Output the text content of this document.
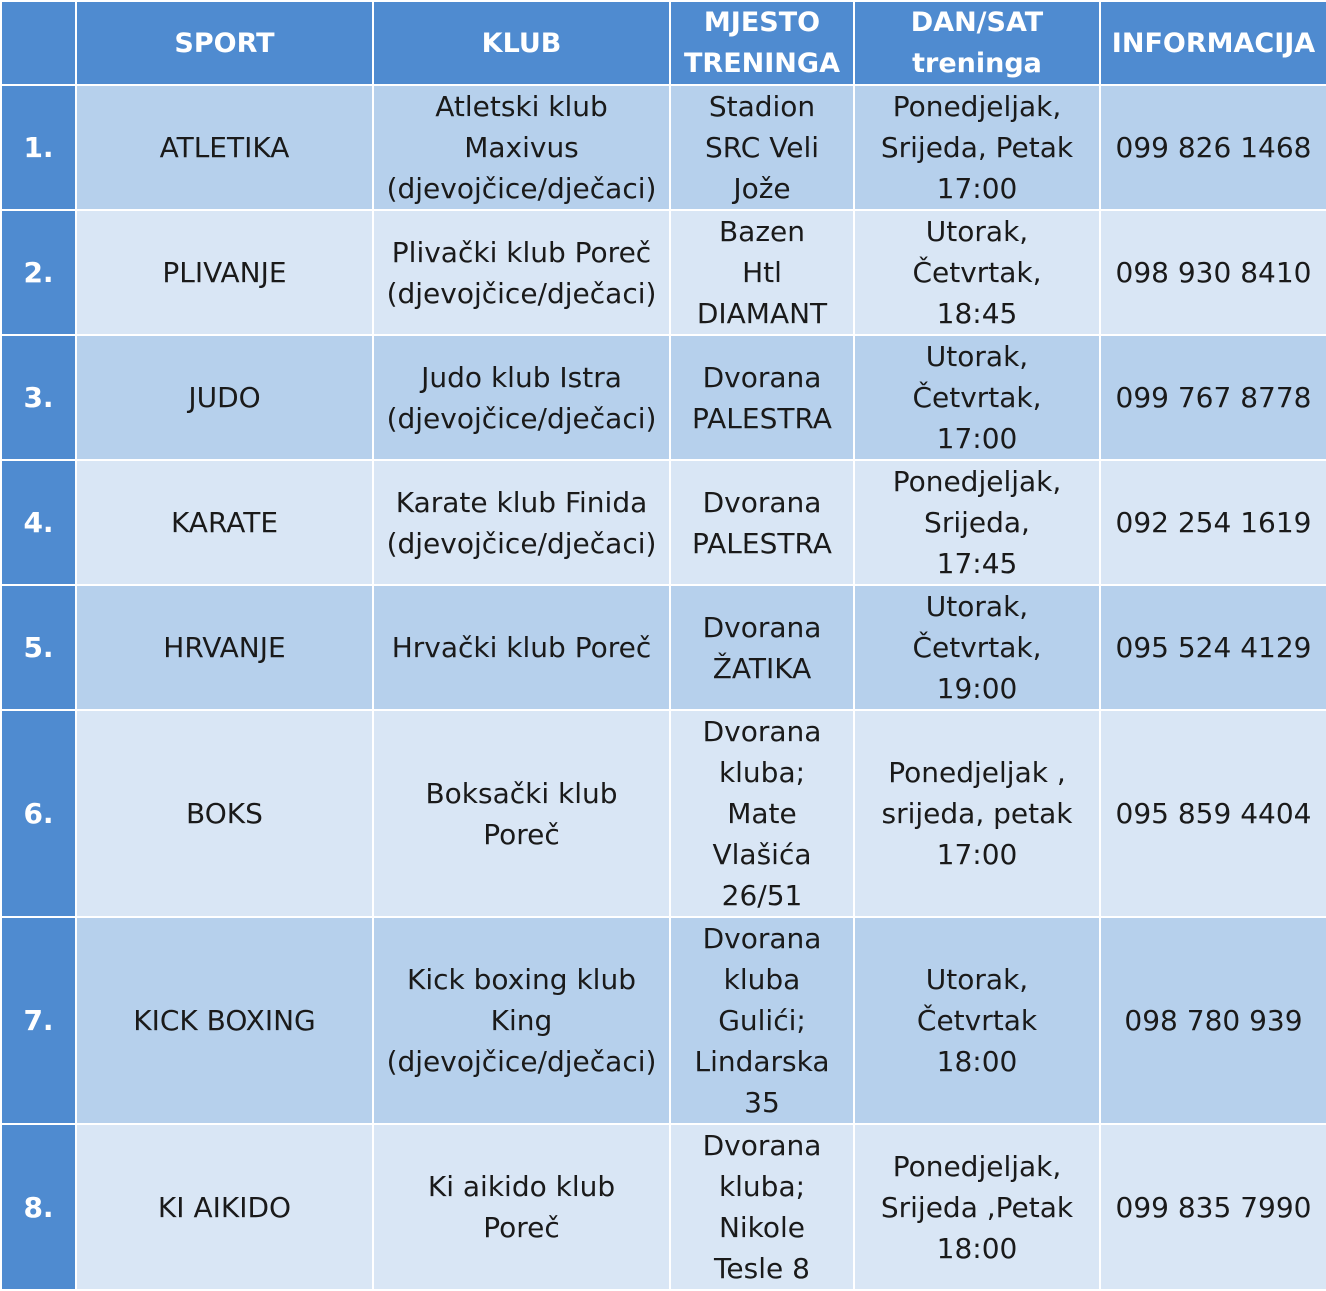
	SPORT	KLUB	MJESTO
TRENINGA	DAN/SAT
treninga	INFORMACIJA
1.	ATLETIKA	Atletski klub
Maxivus
(djevojčice/dječaci)	Stadion
SRC Veli
Jože	Ponedjeljak,
Srijeda, Petak
17:00	099 826 1468
2.	PLIVANJE	Plivački klub Poreč
(djevojčice/dječaci)	Bazen
Htl
DIAMANT	Utorak,
Četvrtak,
18:45	098 930 8410
3.	JUDO	Judo klub Istra
(djevojčice/dječaci)	Dvorana
PALESTRA	Utorak,
Četvrtak,
17:00	099 767 8778
4.	KARATE	Karate klub Finida
(djevojčice/dječaci)	Dvorana
PALESTRA	Ponedjeljak,
Srijeda,
17:45	092 254 1619
5.	HRVANJE	Hrvački klub Poreč	Dvorana
ŽATIKA	Utorak,
Četvrtak,
19:00	095 524 4129
6.	BOKS	Boksački klub
Poreč	Dvorana
kluba;
Mate
Vlašića
26/51	Ponedjeljak ,
srijeda, petak
17:00	095 859 4404
7.	KICK BOXING	Kick boxing klub
King
(djevojčice/dječaci)	Dvorana
kluba
Gulići;
Lindarska
35	Utorak,
Četvrtak
18:00	098 780 939
8.	KI AIKIDO	Ki aikido klub
Poreč	Dvorana
kluba;
Nikole
Tesle 8	Ponedjeljak,
Srijeda ,Petak
18:00	099 835 7990
